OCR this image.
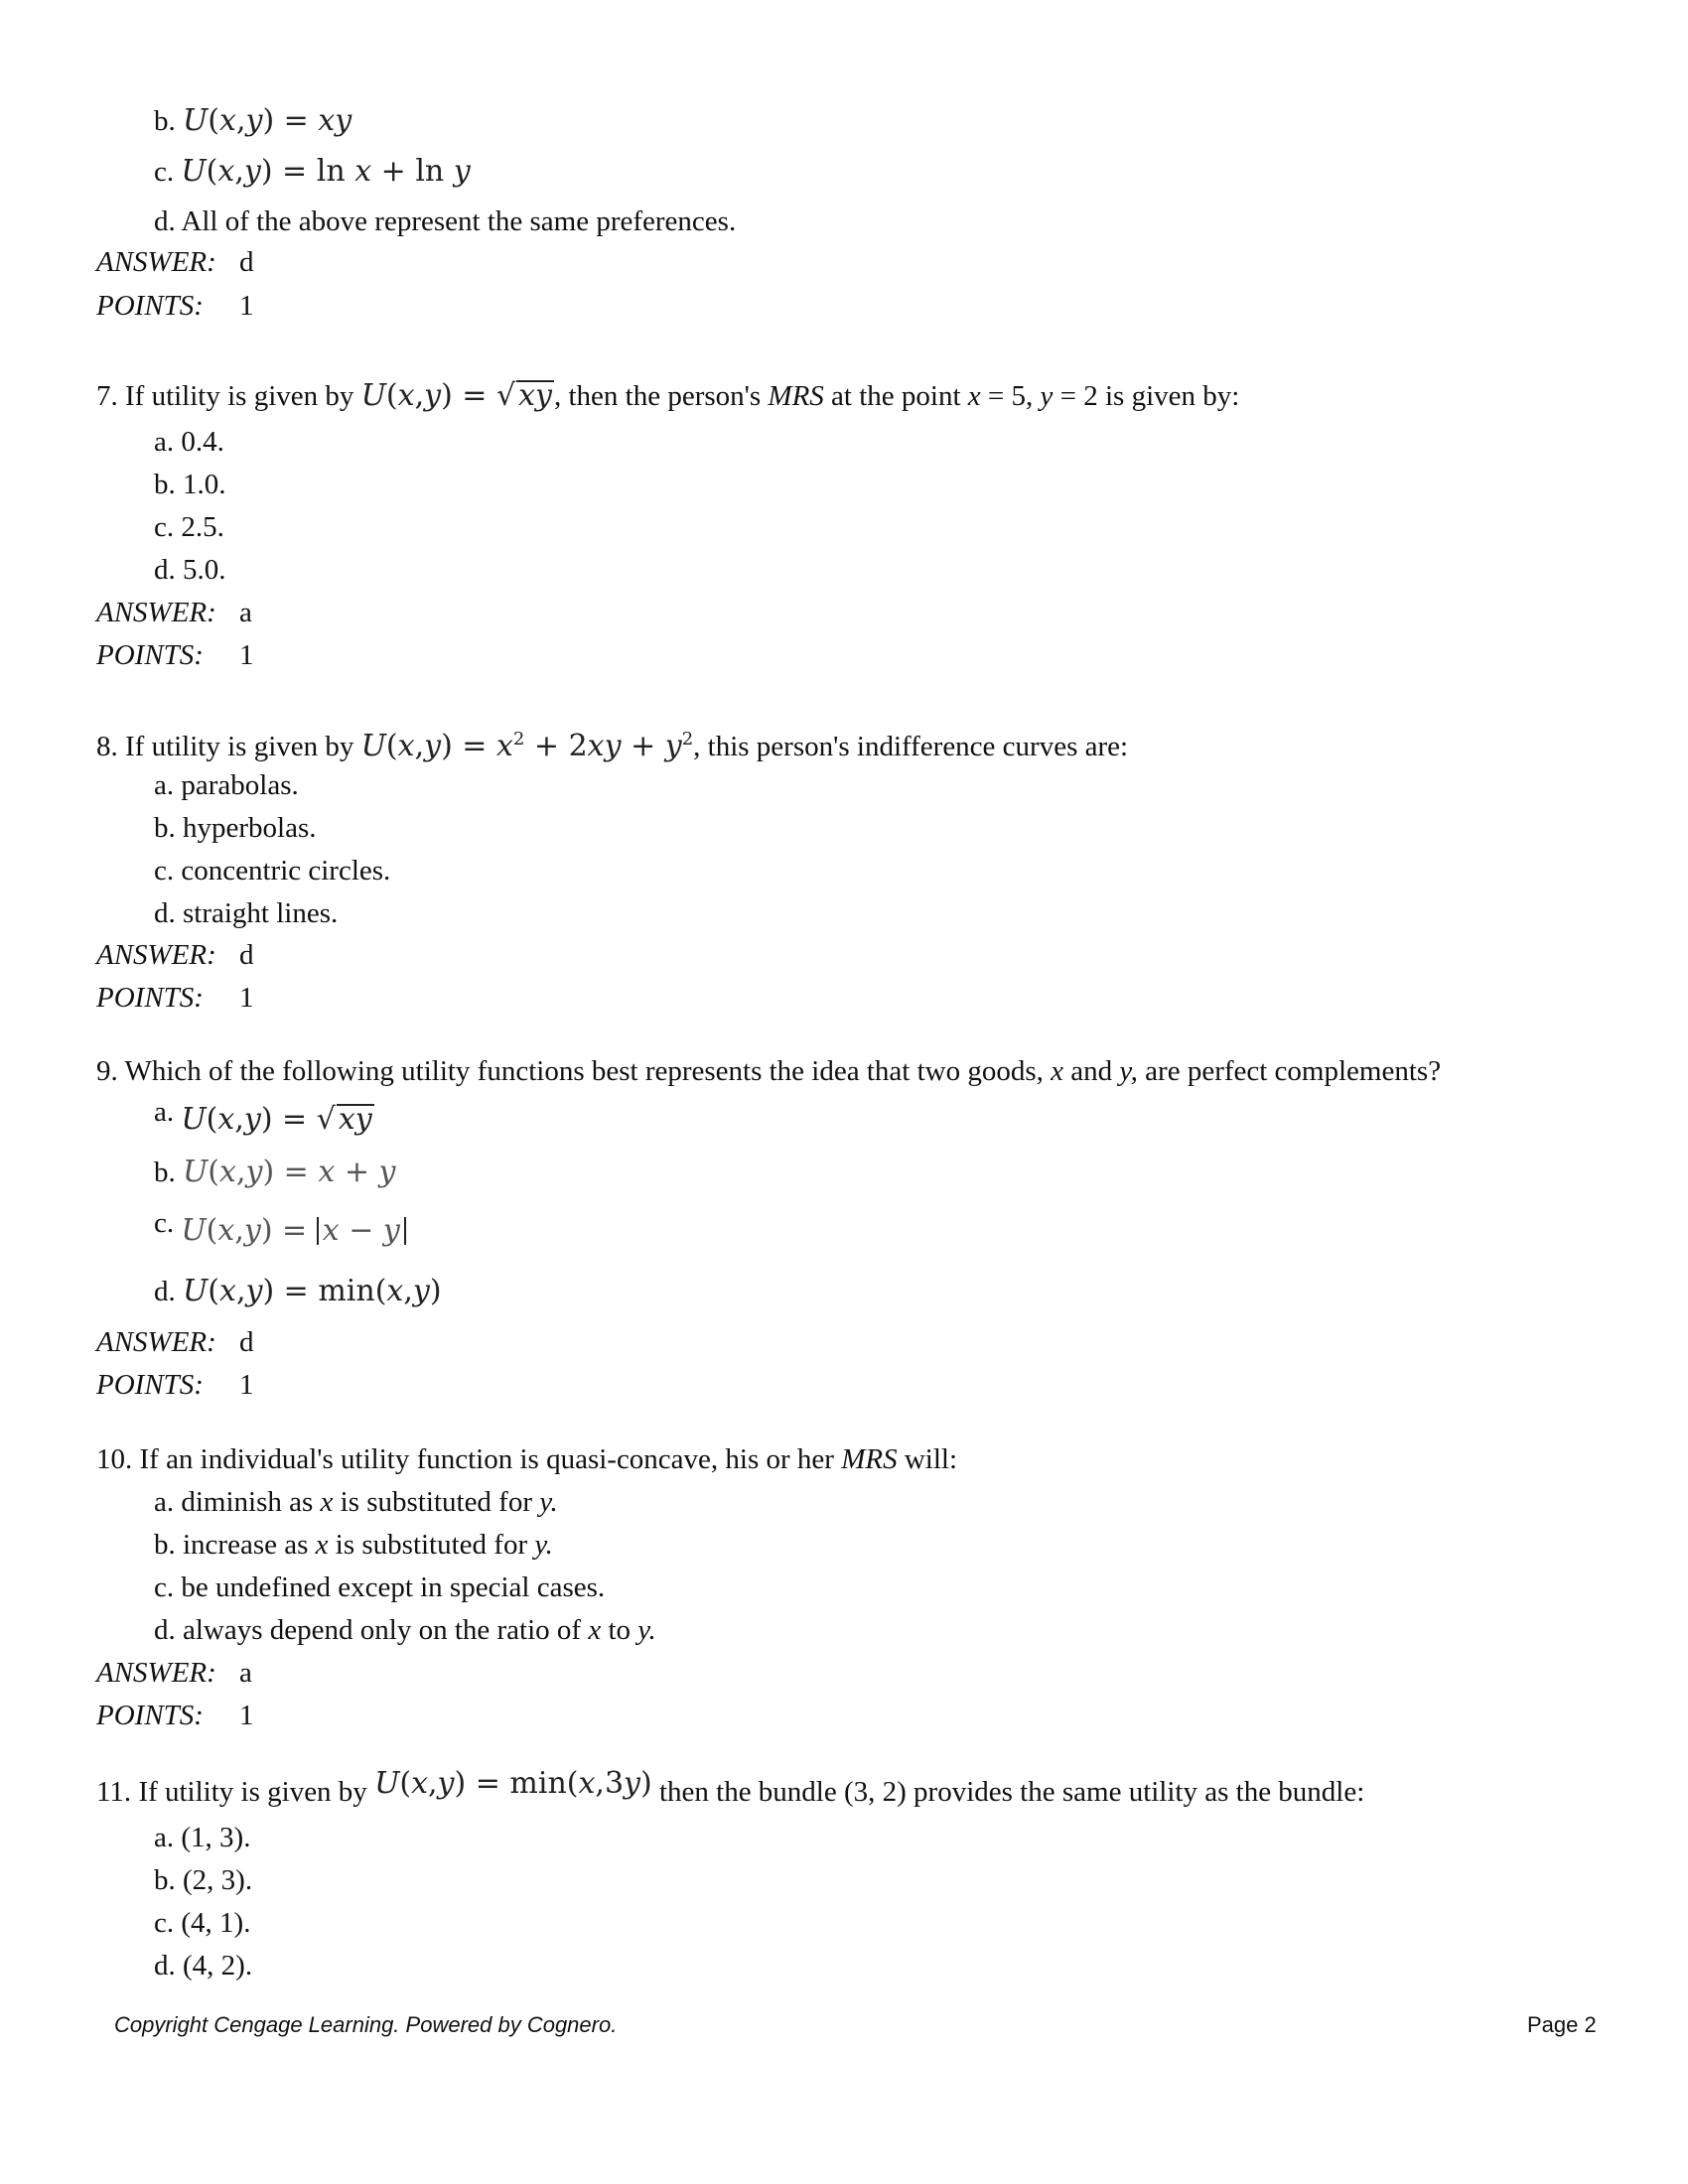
b. U(x,y) = xy
c. U(x,y) = ln x + ln y
d. All of the above represent the same preferences.
ANSWER: d
POINTS: 1
7. If utility is given by U(x,y) = √ xy, then the person's MRS at the point x = 5, y = 2 is given by:
a. 0.4.
b. 1.0.
c. 2.5.
d. 5.0.
ANSWER: a
POINTS: 1
8. If utility is given by $U(x,y) = x^2 + 2xy + y^2$, this person's indifference curves are:
a. parabolas.
b. hyperbolas.
c. concentric circles.
d. straight lines.
ANSWER: d
POINTS: 1
9. Which of the following utility functions best represents the idea that two goods, x and y, are perfect complements?
a. U(x,y) = √ xy
b. U(x,y) = x + y
c. U(x,y) = x − y
d. U(x,y) = min(x,y)
ANSWER: d
POINTS: 1
10. If an individual's utility function is quasi-concave, his or her MRS will:
a. diminish as x is substituted for y.
b. increase as x is substituted for y.
c. be undefined except in special cases.
d. always depend only on the ratio of x to y.
ANSWER: a
POINTS: 1
11. If utility is given by U(x,y) = min(x,3y) then the bundle (3, 2) provides the same utility as the bundle:
a. (1, 3).
b. (2, 3).
c. (4, 1).
d. (4, 2).
Copyright Cengage Learning. Powered by Cognero.	Page 2
